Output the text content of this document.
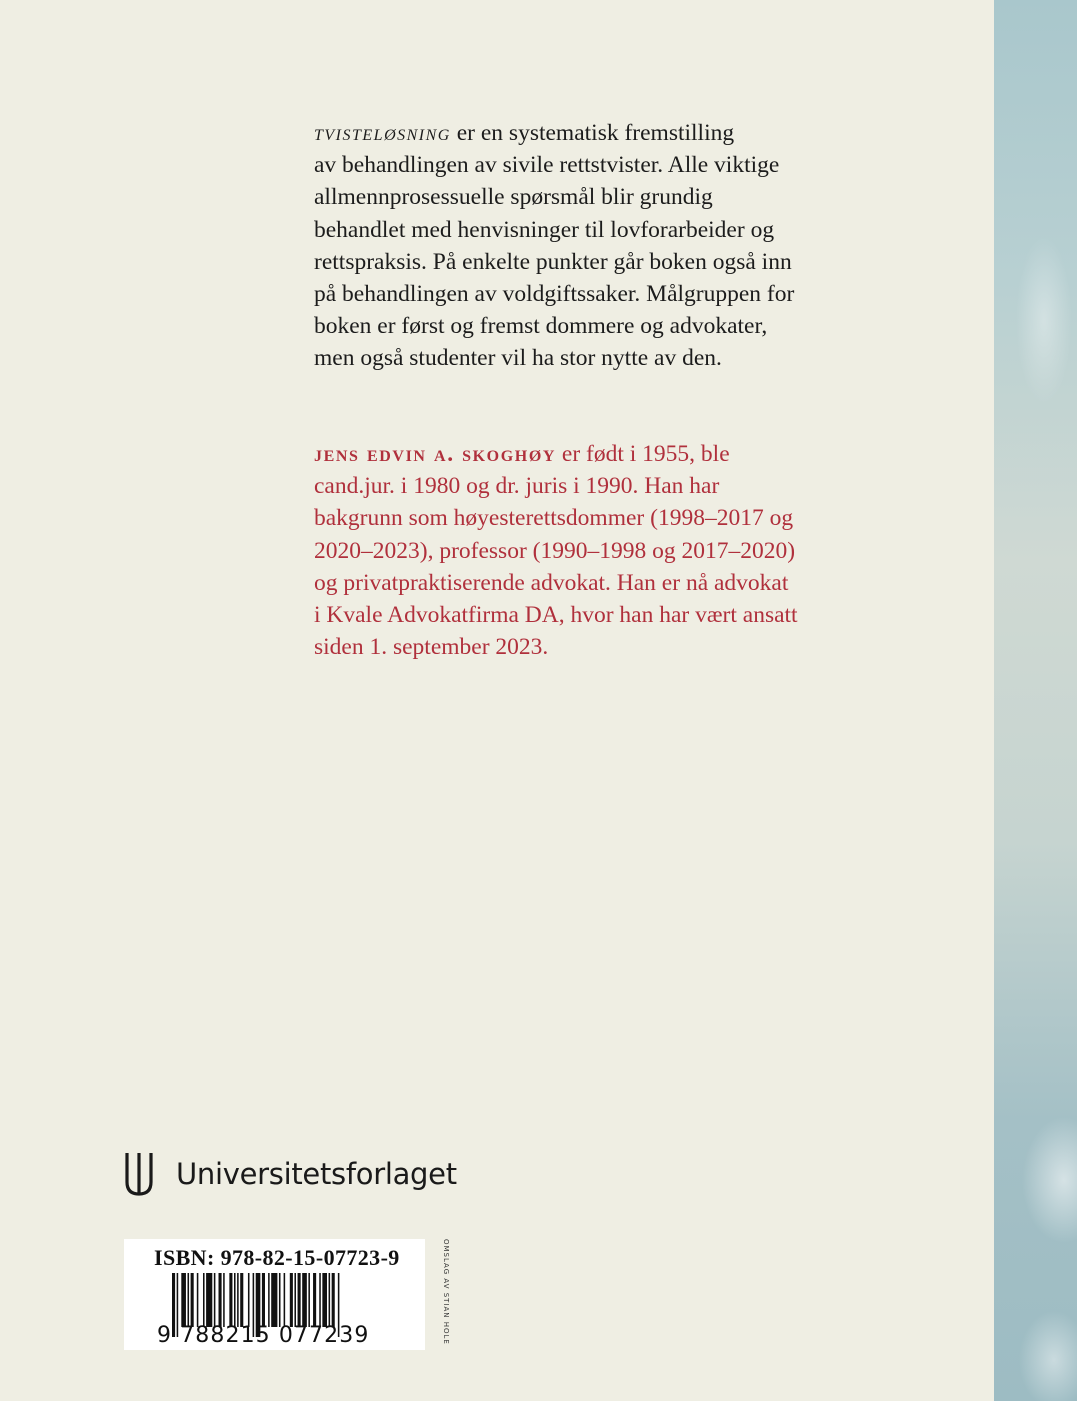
tvisteløsning er en systematisk fremstilling
av behandlingen av sivile rettstvister. Alle viktige
allmennprosessuelle spørsmål blir grundig
behandlet med henvisninger til lovforarbeider og
rettspraksis. På enkelte punkter går boken også inn
på behandlingen av voldgiftssaker. Målgruppen for
boken er først og fremst dommere og advokater,
men også studenter vil ha stor nytte av den.

jens edvin a. skoghøy er født i 1955, ble
cand.jur. i 1980 og dr. juris i 1990. Han har
bakgrunn som høyesterettsdommer (1998–2017 og
2020–2023), professor (1990–1998 og 2017–2020)
og privatpraktiserende advokat. Han er nå advokat
i Kvale Advokatfirma DA, hvor han har vært ansatt
siden 1. september 2023.

Universitetsforlaget
ISBN: 978-82-15-07723-9
9 788215 077239	OMSLAG AV STIAN HOLE
